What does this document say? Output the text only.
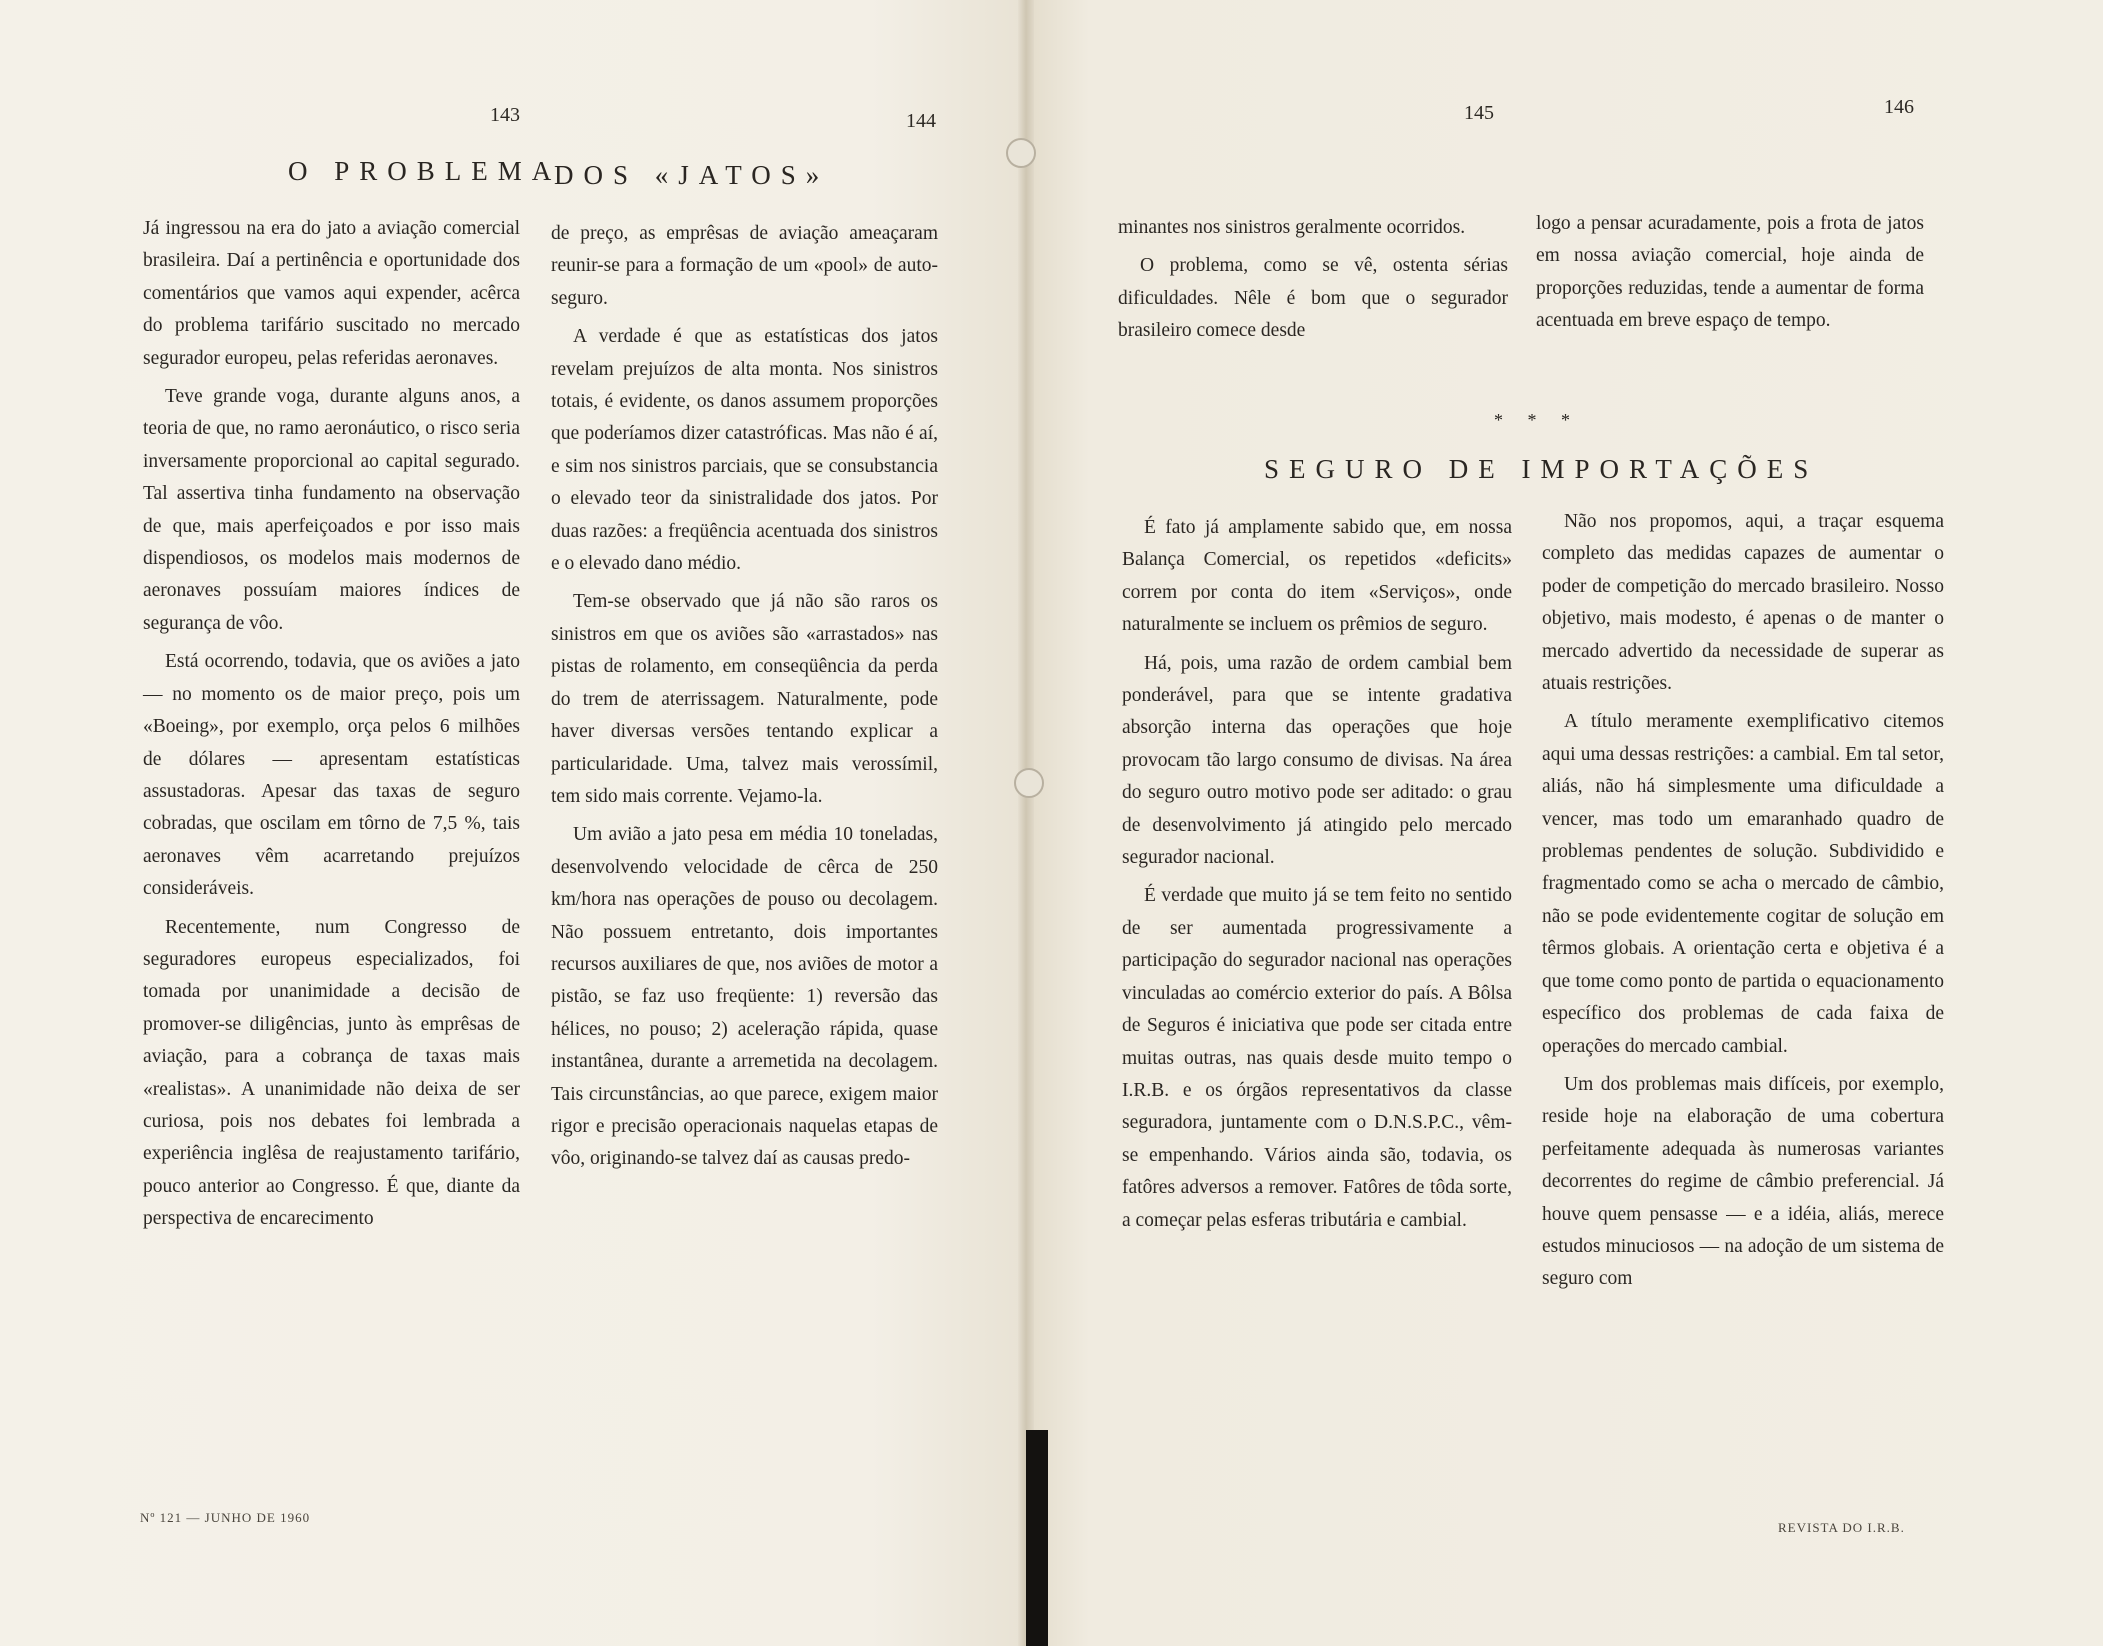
143	144	145	146
O PROBLEMA
DOS «JATOS»

Já ingressou na era do jato a aviação comercial brasileira. Daí a pertinência e oportunidade dos comentários que vamos aqui expender, acêrca do problema tarifário suscitado no mercado segurador europeu, pelas referidas aeronaves.

Teve grande voga, durante alguns anos, a teoria de que, no ramo aeronáutico, o risco seria inversamente proporcional ao capital segurado. Tal assertiva tinha fundamento na observação de que, mais aperfeiçoados e por isso mais dispendiosos, os modelos mais modernos de aeronaves possuíam maiores índices de segurança de vôo.

Está ocorrendo, todavia, que os aviões a jato — no momento os de maior preço, pois um «Boeing», por exemplo, orça pelos 6 milhões de dólares — apresentam estatísticas assustadoras. Apesar das taxas de seguro cobradas, que oscilam em tôrno de 7,5 %, tais aeronaves vêm acarretando prejuízos consideráveis.

Recentemente, num Congresso de seguradores europeus especializados, foi tomada por unanimidade a decisão de promover-se diligências, junto às emprêsas de aviação, para a cobrança de taxas mais «realistas». A unanimidade não deixa de ser curiosa, pois nos debates foi lembrada a experiência inglêsa de reajustamento tarifário, pouco anterior ao Congresso. É que, diante da perspectiva de encarecimento

de preço, as emprêsas de aviação ameaçaram reunir-se para a formação de um «pool» de auto-seguro.

A verdade é que as estatísticas dos jatos revelam prejuízos de alta monta. Nos sinistros totais, é evidente, os danos assumem proporções que poderíamos dizer catastróficas. Mas não é aí, e sim nos sinistros parciais, que se consubstancia o elevado teor da sinistralidade dos jatos. Por duas razões: a freqüência acentuada dos sinistros e o elevado dano médio.

Tem-se observado que já não são raros os sinistros em que os aviões são «arrastados» nas pistas de rolamento, em conseqüência da perda do trem de aterrissagem. Naturalmente, pode haver diversas versões tentando explicar a particularidade. Uma, talvez mais verossímil, tem sido mais corrente. Vejamo-la.

Um avião a jato pesa em média 10 toneladas, desenvolvendo velocidade de cêrca de 250 km/hora nas operações de pouso ou decolagem. Não possuem entretanto, dois importantes recursos auxiliares de que, nos aviões de motor a pistão, se faz uso freqüente: 1) reversão das hélices, no pouso; 2) aceleração rápida, quase instantânea, durante a arremetida na decolagem. Tais circunstâncias, ao que parece, exigem maior rigor e precisão operacionais naquelas etapas de vôo, originando-se talvez daí as causas predo-

minantes nos sinistros geralmente ocorridos.

O problema, como se vê, ostenta sérias dificuldades. Nêle é bom que o segurador brasileiro comece desde

logo a pensar acuradamente, pois a frota de jatos em nossa aviação comercial, hoje ainda de proporções reduzidas, tende a aumentar de forma acentuada em breve espaço de tempo.

* * *
SEGURO DE IMPORTAÇÕES

É fato já amplamente sabido que, em nossa Balança Comercial, os repetidos «deficits» correm por conta do item «Serviços», onde naturalmente se incluem os prêmios de seguro.

Há, pois, uma razão de ordem cambial bem ponderável, para que se intente gradativa absorção interna das operações que hoje provocam tão largo consumo de divisas. Na área do seguro outro motivo pode ser aditado: o grau de desenvolvimento já atingido pelo mercado segurador nacional.

É verdade que muito já se tem feito no sentido de ser aumentada progressivamente a participação do segurador nacional nas operações vinculadas ao comércio exterior do país. A Bôlsa de Seguros é iniciativa que pode ser citada entre muitas outras, nas quais desde muito tempo o I.R.B. e os órgãos representativos da classe seguradora, juntamente com o D.N.S.P.C., vêm-se empenhando. Vários ainda são, todavia, os fatôres adversos a remover. Fatôres de tôda sorte, a começar pelas esferas tributária e cambial.

Não nos propomos, aqui, a traçar esquema completo das medidas capazes de aumentar o poder de competição do mercado brasileiro. Nosso objetivo, mais modesto, é apenas o de manter o mercado advertido da necessidade de superar as atuais restrições.

A título meramente exemplificativo citemos aqui uma dessas restrições: a cambial. Em tal setor, aliás, não há simplesmente uma dificuldade a vencer, mas todo um emaranhado quadro de problemas pendentes de solução. Subdividido e fragmentado como se acha o mercado de câmbio, não se pode evidentemente cogitar de solução em têrmos globais. A orientação certa e objetiva é a que tome como ponto de partida o equacionamento específico dos problemas de cada faixa de operações do mercado cambial.

Um dos problemas mais difíceis, por exemplo, reside hoje na elaboração de uma cobertura perfeitamente adequada às numerosas variantes decorrentes do regime de câmbio preferencial. Já houve quem pensasse — e a idéia, aliás, merece estudos minuciosos — na adoção de um sistema de seguro com

Nº 121 — JUNHO DE 1960
REVISTA DO I.R.B.
